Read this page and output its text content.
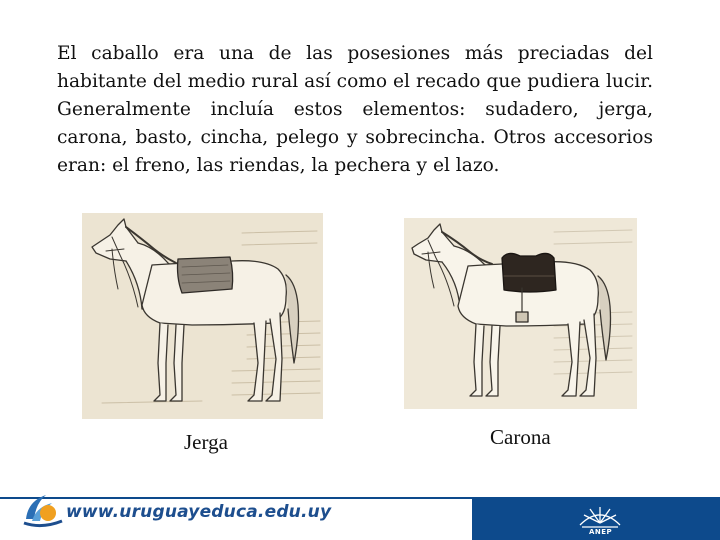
El caballo era una de las posesiones más preciadas del habitante del medio rural así como el recado que pudiera lucir. Generalmente incluía estos elementos: sudadero, jerga, carona, basto, cincha, pelego y sobrecincha. Otros accesorios eran: el freno, las riendas, la pechera y el lazo.

Jerga	Carona
www.uruguayeduca.edu.uy
ANEP
